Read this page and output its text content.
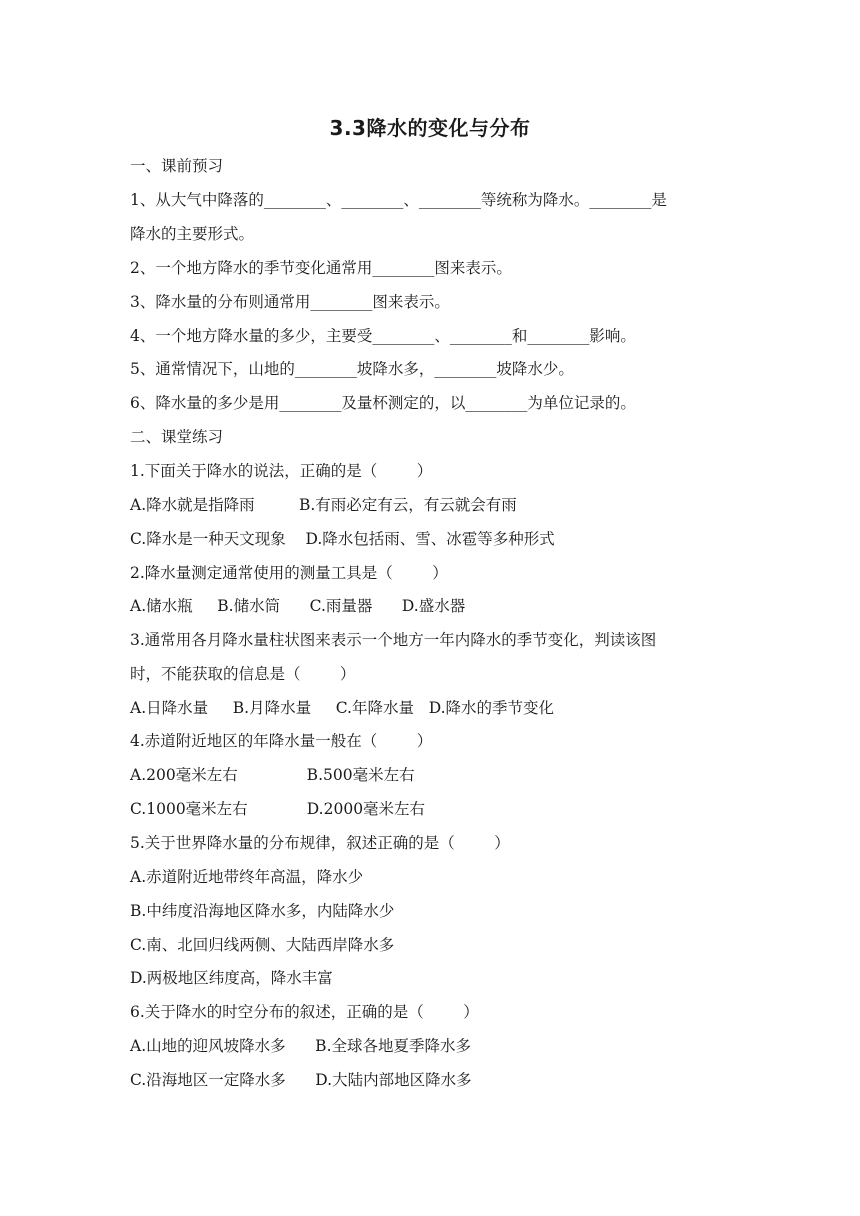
3.3降水的变化与分布
一、课前预习
1、从大气中降落的________、________、________等统称为降水。________是
降水的主要形式。
2、一个地方降水的季节变化通常用________图来表示。
3、降水量的分布则通常用________图来表示。
4、一个地方降水量的多少，主要受________、________和________影响。
5、通常情况下，山地的________坡降水多，________坡降水少。
6、降水量的多少是用________及量杯测定的，以________为单位记录的。
二、课堂练习
1.下面关于降水的说法，正确的是（        ）
A.降水就是指降雨         B.有雨必定有云，有云就会有雨
C.降水是一种天文现象    D.降水包括雨、雪、冰雹等多种形式
2.降水量测定通常使用的测量工具是（        ）
A.储水瓶     B.储水筒      C.雨量器      D.盛水器
3.通常用各月降水量柱状图来表示一个地方一年内降水的季节变化，判读该图
时，不能获取的信息是（        ）
A.日降水量     B.月降水量     C.年降水量   D.降水的季节变化
4.赤道附近地区的年降水量一般在（        ）
A.200毫米左右              B.500毫米左右
C.1000毫米左右            D.2000毫米左右
5.关于世界降水量的分布规律，叙述正确的是（        ）
A.赤道附近地带终年高温，降水少
B.中纬度沿海地区降水多，内陆降水少
C.南、北回归线两侧、大陆西岸降水多
D.两极地区纬度高，降水丰富
6.关于降水的时空分布的叙述，正确的是（        ）
A.山地的迎风坡降水多      B.全球各地夏季降水多
C.沿海地区一定降水多      D.大陆内部地区降水多
